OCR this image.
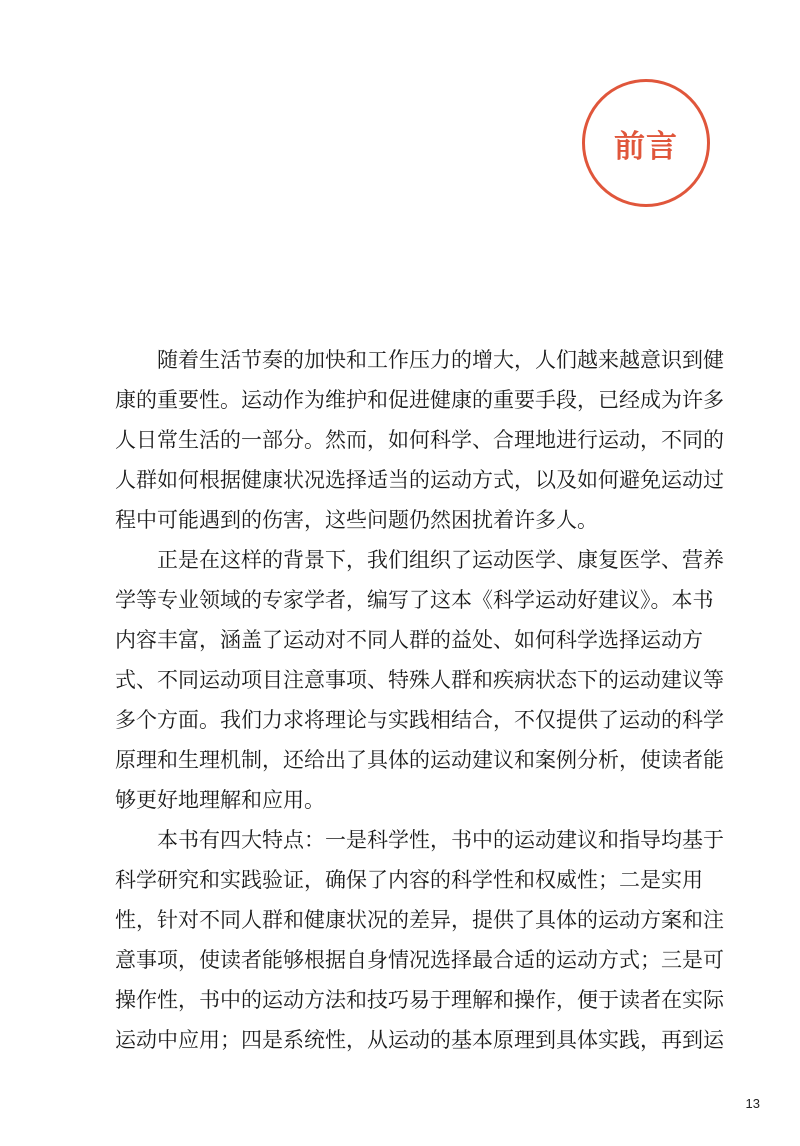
前言
随着生活节奏的加快和工作压力的增大，人们越来越意识到健
康的重要性。运动作为维护和促进健康的重要手段，已经成为许多
人日常生活的一部分。然而，如何科学、合理地进行运动，不同的
人群如何根据健康状况选择适当的运动方式，以及如何避免运动过
程中可能遇到的伤害，这些问题仍然困扰着许多人。
正是在这样的背景下，我们组织了运动医学、康复医学、营养
学等专业领域的专家学者，编写了这本《科学运动好建议》。本书
内容丰富，涵盖了运动对不同人群的益处、如何科学选择运动方
式、不同运动项目注意事项、特殊人群和疾病状态下的运动建议等
多个方面。我们力求将理论与实践相结合，不仅提供了运动的科学
原理和生理机制，还给出了具体的运动建议和案例分析，使读者能
够更好地理解和应用。
本书有四大特点：一是科学性，书中的运动建议和指导均基于
科学研究和实践验证，确保了内容的科学性和权威性；二是实用
性，针对不同人群和健康状况的差异，提供了具体的运动方案和注
意事项，使读者能够根据自身情况选择最合适的运动方式；三是可
操作性，书中的运动方法和技巧易于理解和操作，便于读者在实际
运动中应用；四是系统性，从运动的基本原理到具体实践，再到运
13
